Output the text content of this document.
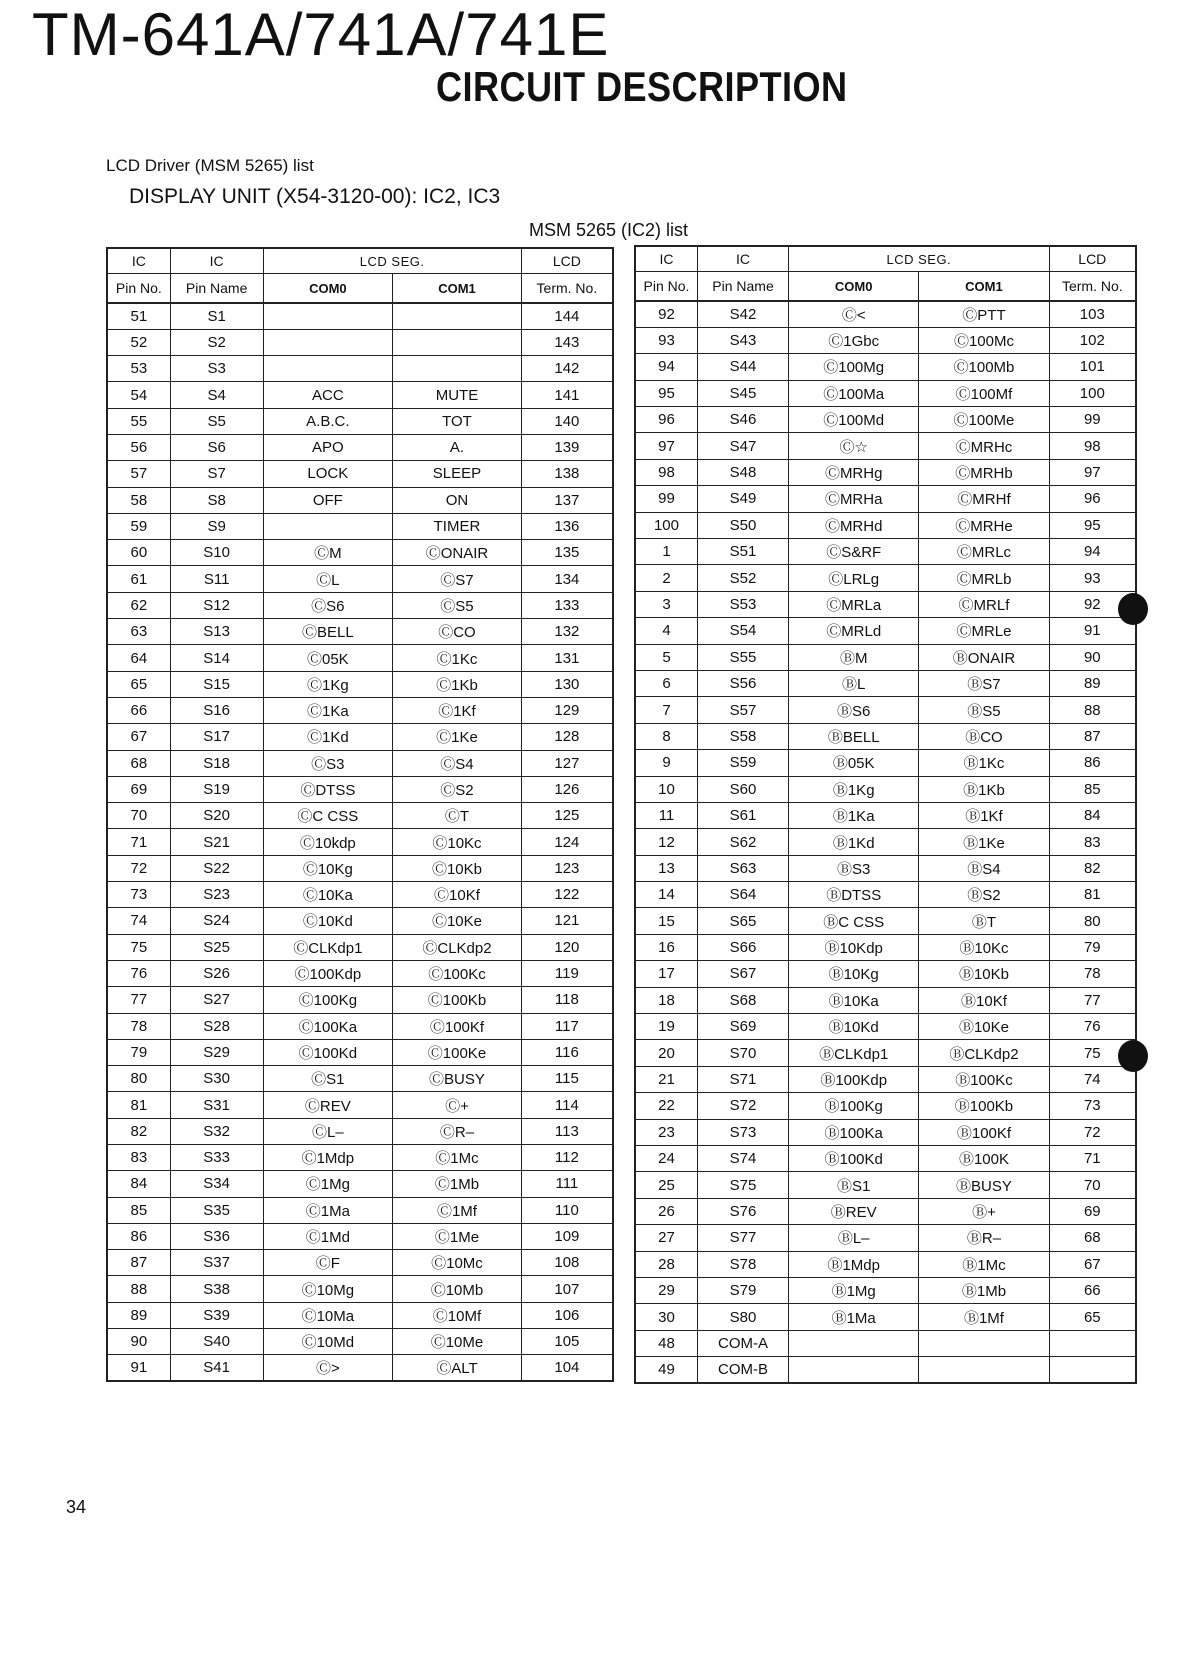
TM-641A/741A/741E
CIRCUIT DESCRIPTION
LCD Driver (MSM 5265) list
DISPLAY UNIT (X54-3120-00): IC2, IC3
MSM 5265 (IC2) list
IC	IC	LCD SEG.		LCD
Pin No.	Pin Name	COM0	COM1	Term. No.
51	S1			144
52	S2			143
53	S3			142
54	S4	ACC	MUTE	141
55	S5	A.B.C.	TOT	140
56	S6	APO	A.	139
57	S7	LOCK	SLEEP	138
58	S8	OFF	ON	137
59	S9		TIMER	136
60	S10	ⒸM	ⒸONAIR	135
61	S11	ⒸL	ⒸS7	134
62	S12	ⒸS6	ⒸS5	133
63	S13	ⒸBELL	ⒸCO	132
64	S14	Ⓒ05K	Ⓒ1Kc	131
65	S15	Ⓒ1Kg	Ⓒ1Kb	130
66	S16	Ⓒ1Ka	Ⓒ1Kf	129
67	S17	Ⓒ1Kd	Ⓒ1Ke	128
68	S18	ⒸS3	ⒸS4	127
69	S19	ⒸDTSS	ⒸS2	126
70	S20	ⒸC CSS	ⒸT	125
71	S21	Ⓒ10kdp	Ⓒ10Kc	124
72	S22	Ⓒ10Kg	Ⓒ10Kb	123
73	S23	Ⓒ10Ka	Ⓒ10Kf	122
74	S24	Ⓒ10Kd	Ⓒ10Ke	121
75	S25	ⒸCLKdp1	ⒸCLKdp2	120
76	S26	Ⓒ100Kdp	Ⓒ100Kc	119
77	S27	Ⓒ100Kg	Ⓒ100Kb	118
78	S28	Ⓒ100Ka	Ⓒ100Kf	117
79	S29	Ⓒ100Kd	Ⓒ100Ke	116
80	S30	ⒸS1	ⒸBUSY	115
81	S31	ⒸREV	Ⓒ+	114
82	S32	ⒸL–	ⒸR–	113
83	S33	Ⓒ1Mdp	Ⓒ1Mc	112
84	S34	Ⓒ1Mg	Ⓒ1Mb	111
85	S35	Ⓒ1Ma	Ⓒ1Mf	110
86	S36	Ⓒ1Md	Ⓒ1Me	109
87	S37	ⒸF	Ⓒ10Mc	108
88	S38	Ⓒ10Mg	Ⓒ10Mb	107
89	S39	Ⓒ10Ma	Ⓒ10Mf	106
90	S40	Ⓒ10Md	Ⓒ10Me	105
91	S41	Ⓒ>	ⒸALT	104
IC	IC	LCD SEG.		LCD
Pin No.	Pin Name	COM0	COM1	Term. No.
92	S42	Ⓒ<	ⒸPTT	103
93	S43	Ⓒ1Gbc	Ⓒ100Mc	102
94	S44	Ⓒ100Mg	Ⓒ100Mb	101
95	S45	Ⓒ100Ma	Ⓒ100Mf	100
96	S46	Ⓒ100Md	Ⓒ100Me	99
97	S47	Ⓒ☆	ⒸMRHc	98
98	S48	ⒸMRHg	ⒸMRHb	97
99	S49	ⒸMRHa	ⒸMRHf	96
100	S50	ⒸMRHd	ⒸMRHe	95
1	S51	ⒸS&RF	ⒸMRLc	94
2	S52	ⒸLRLg	ⒸMRLb	93
3	S53	ⒸMRLa	ⒸMRLf	92
4	S54	ⒸMRLd	ⒸMRLe	91
5	S55	ⒷM	ⒷONAIR	90
6	S56	ⒷL	ⒷS7	89
7	S57	ⒷS6	ⒷS5	88
8	S58	ⒷBELL	ⒷCO	87
9	S59	Ⓑ05K	Ⓑ1Kc	86
10	S60	Ⓑ1Kg	Ⓑ1Kb	85
11	S61	Ⓑ1Ka	Ⓑ1Kf	84
12	S62	Ⓑ1Kd	Ⓑ1Ke	83
13	S63	ⒷS3	ⒷS4	82
14	S64	ⒷDTSS	ⒷS2	81
15	S65	ⒷC CSS	ⒷT	80
16	S66	Ⓑ10Kdp	Ⓑ10Kc	79
17	S67	Ⓑ10Kg	Ⓑ10Kb	78
18	S68	Ⓑ10Ka	Ⓑ10Kf	77
19	S69	Ⓑ10Kd	Ⓑ10Ke	76
20	S70	ⒷCLKdp1	ⒷCLKdp2	75
21	S71	Ⓑ100Kdp	Ⓑ100Kc	74
22	S72	Ⓑ100Kg	Ⓑ100Kb	73
23	S73	Ⓑ100Ka	Ⓑ100Kf	72
24	S74	Ⓑ100Kd	Ⓑ100K	71
25	S75	ⒷS1	ⒷBUSY	70
26	S76	ⒷREV	Ⓑ+	69
27	S77	ⒷL–	ⒷR–	68
28	S78	Ⓑ1Mdp	Ⓑ1Mc	67
29	S79	Ⓑ1Mg	Ⓑ1Mb	66
30	S80	Ⓑ1Ma	Ⓑ1Mf	65
48	COM-A			
49	COM-B			
34
